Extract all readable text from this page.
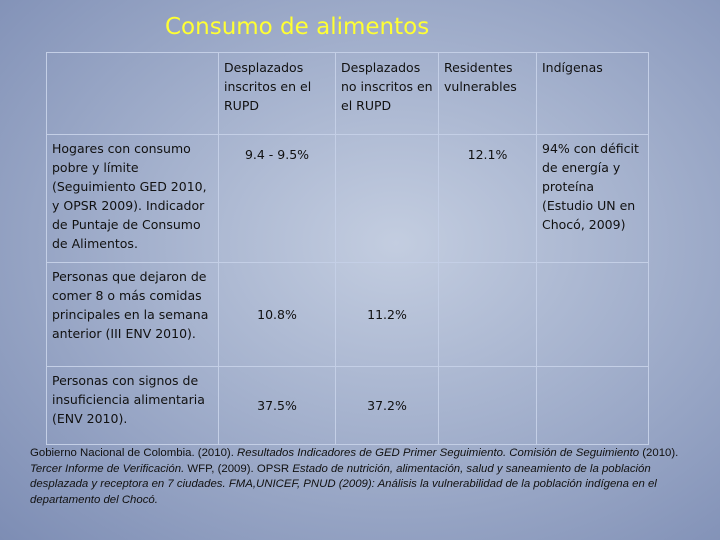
Consumo de alimentos
	Desplazados inscritos en el RUPD	Desplazados no inscritos en el RUPD	Residentes vulnerables	Indígenas
Hogares con consumo pobre y límite (Seguimiento GED 2010, y OPSR 2009). Indicador de Puntaje de Consumo de Alimentos.	9.4 - 9.5%		12.1%	94% con déficit de energía y proteína (Estudio UN en Chocó, 2009)
Personas que dejaron de comer 8 o más comidas principales en la semana anterior (III ENV 2010).	10.8%	11.2%		
Personas con signos de insuficiencia alimentaria (ENV 2010).	37.5%	37.2%		
Gobierno Nacional de Colombia. (2010). Resultados Indicadores de GED Primer Seguimiento. Comisión de Seguimiento (2010). Tercer Informe de Verificación. WFP, (2009). OPSR Estado de nutrición, alimentación, salud y saneamiento de la población desplazada y receptora en 7 ciudades. FMA,UNICEF, PNUD (2009): Análisis la vulnerabilidad de la población indígena en el departamento del Chocó.
